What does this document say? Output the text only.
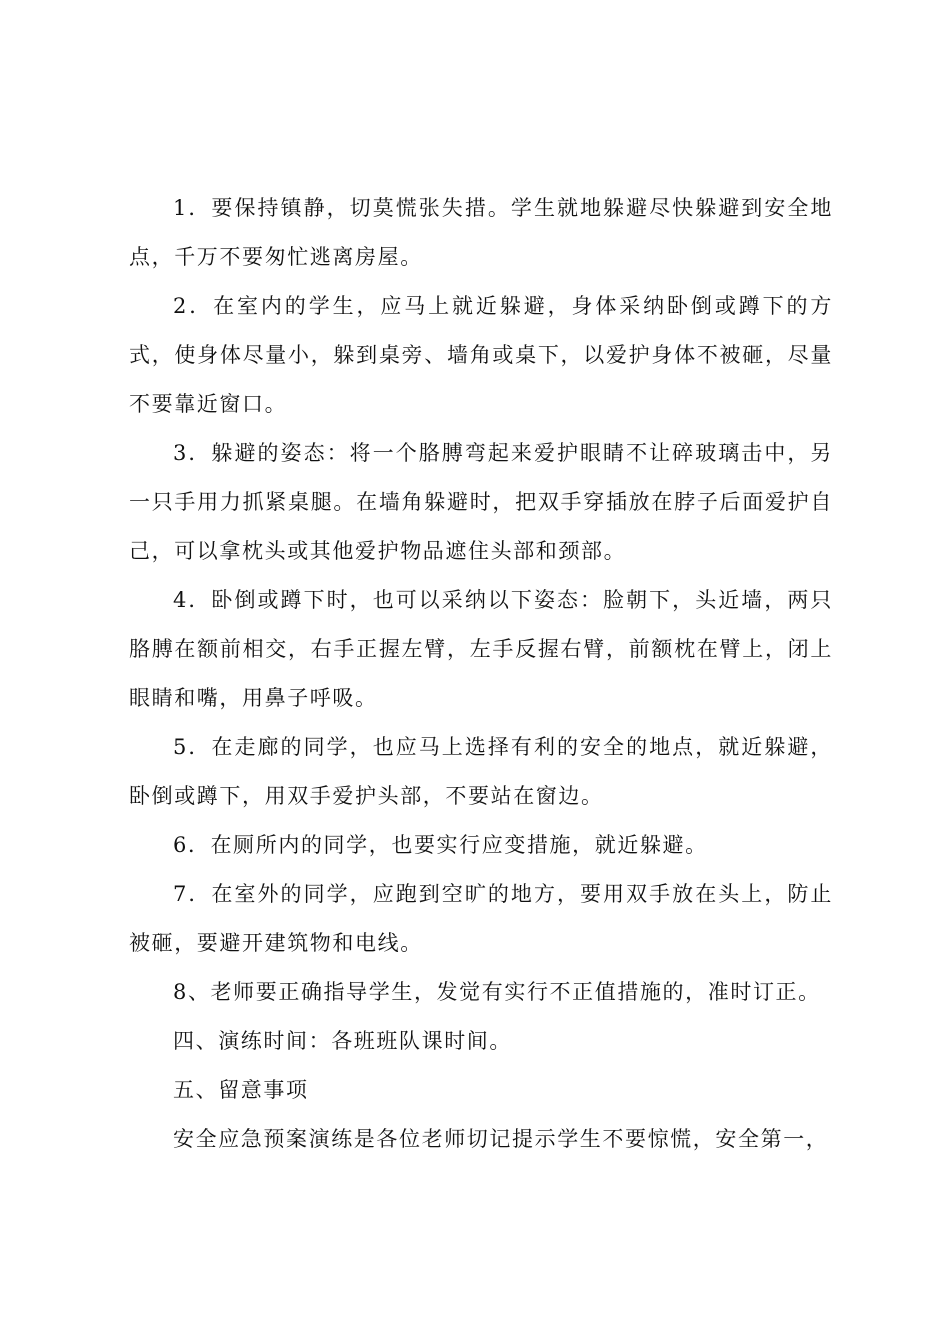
1．要保持镇静，切莫慌张失措。学生就地躲避尽快躲避到安全地点，千万不要匆忙逃离房屋。

2．在室内的学生，应马上就近躲避，身体采纳卧倒或蹲下的方式，使身体尽量小，躲到桌旁、墙角或桌下，以爱护身体不被砸，尽量不要靠近窗口。

3．躲避的姿态：将一个胳膊弯起来爱护眼睛不让碎玻璃击中，另一只手用力抓紧桌腿。在墙角躲避时，把双手穿插放在脖子后面爱护自己，可以拿枕头或其他爱护物品遮住头部和颈部。

4．卧倒或蹲下时，也可以采纳以下姿态：脸朝下，头近墙，两只胳膊在额前相交，右手正握左臂，左手反握右臂，前额枕在臂上，闭上眼睛和嘴，用鼻子呼吸。

5．在走廊的同学，也应马上选择有利的安全的地点，就近躲避，卧倒或蹲下，用双手爱护头部，不要站在窗边。

6．在厕所内的同学，也要实行应变措施，就近躲避。

7．在室外的同学，应跑到空旷的地方，要用双手放在头上，防止被砸，要避开建筑物和电线。

8、老师要正确指导学生，发觉有实行不正值措施的，准时订正。

四、演练时间：各班班队课时间。

五、留意事项

安全应急预案演练是各位老师切记提示学生不要惊慌，安全第一，
